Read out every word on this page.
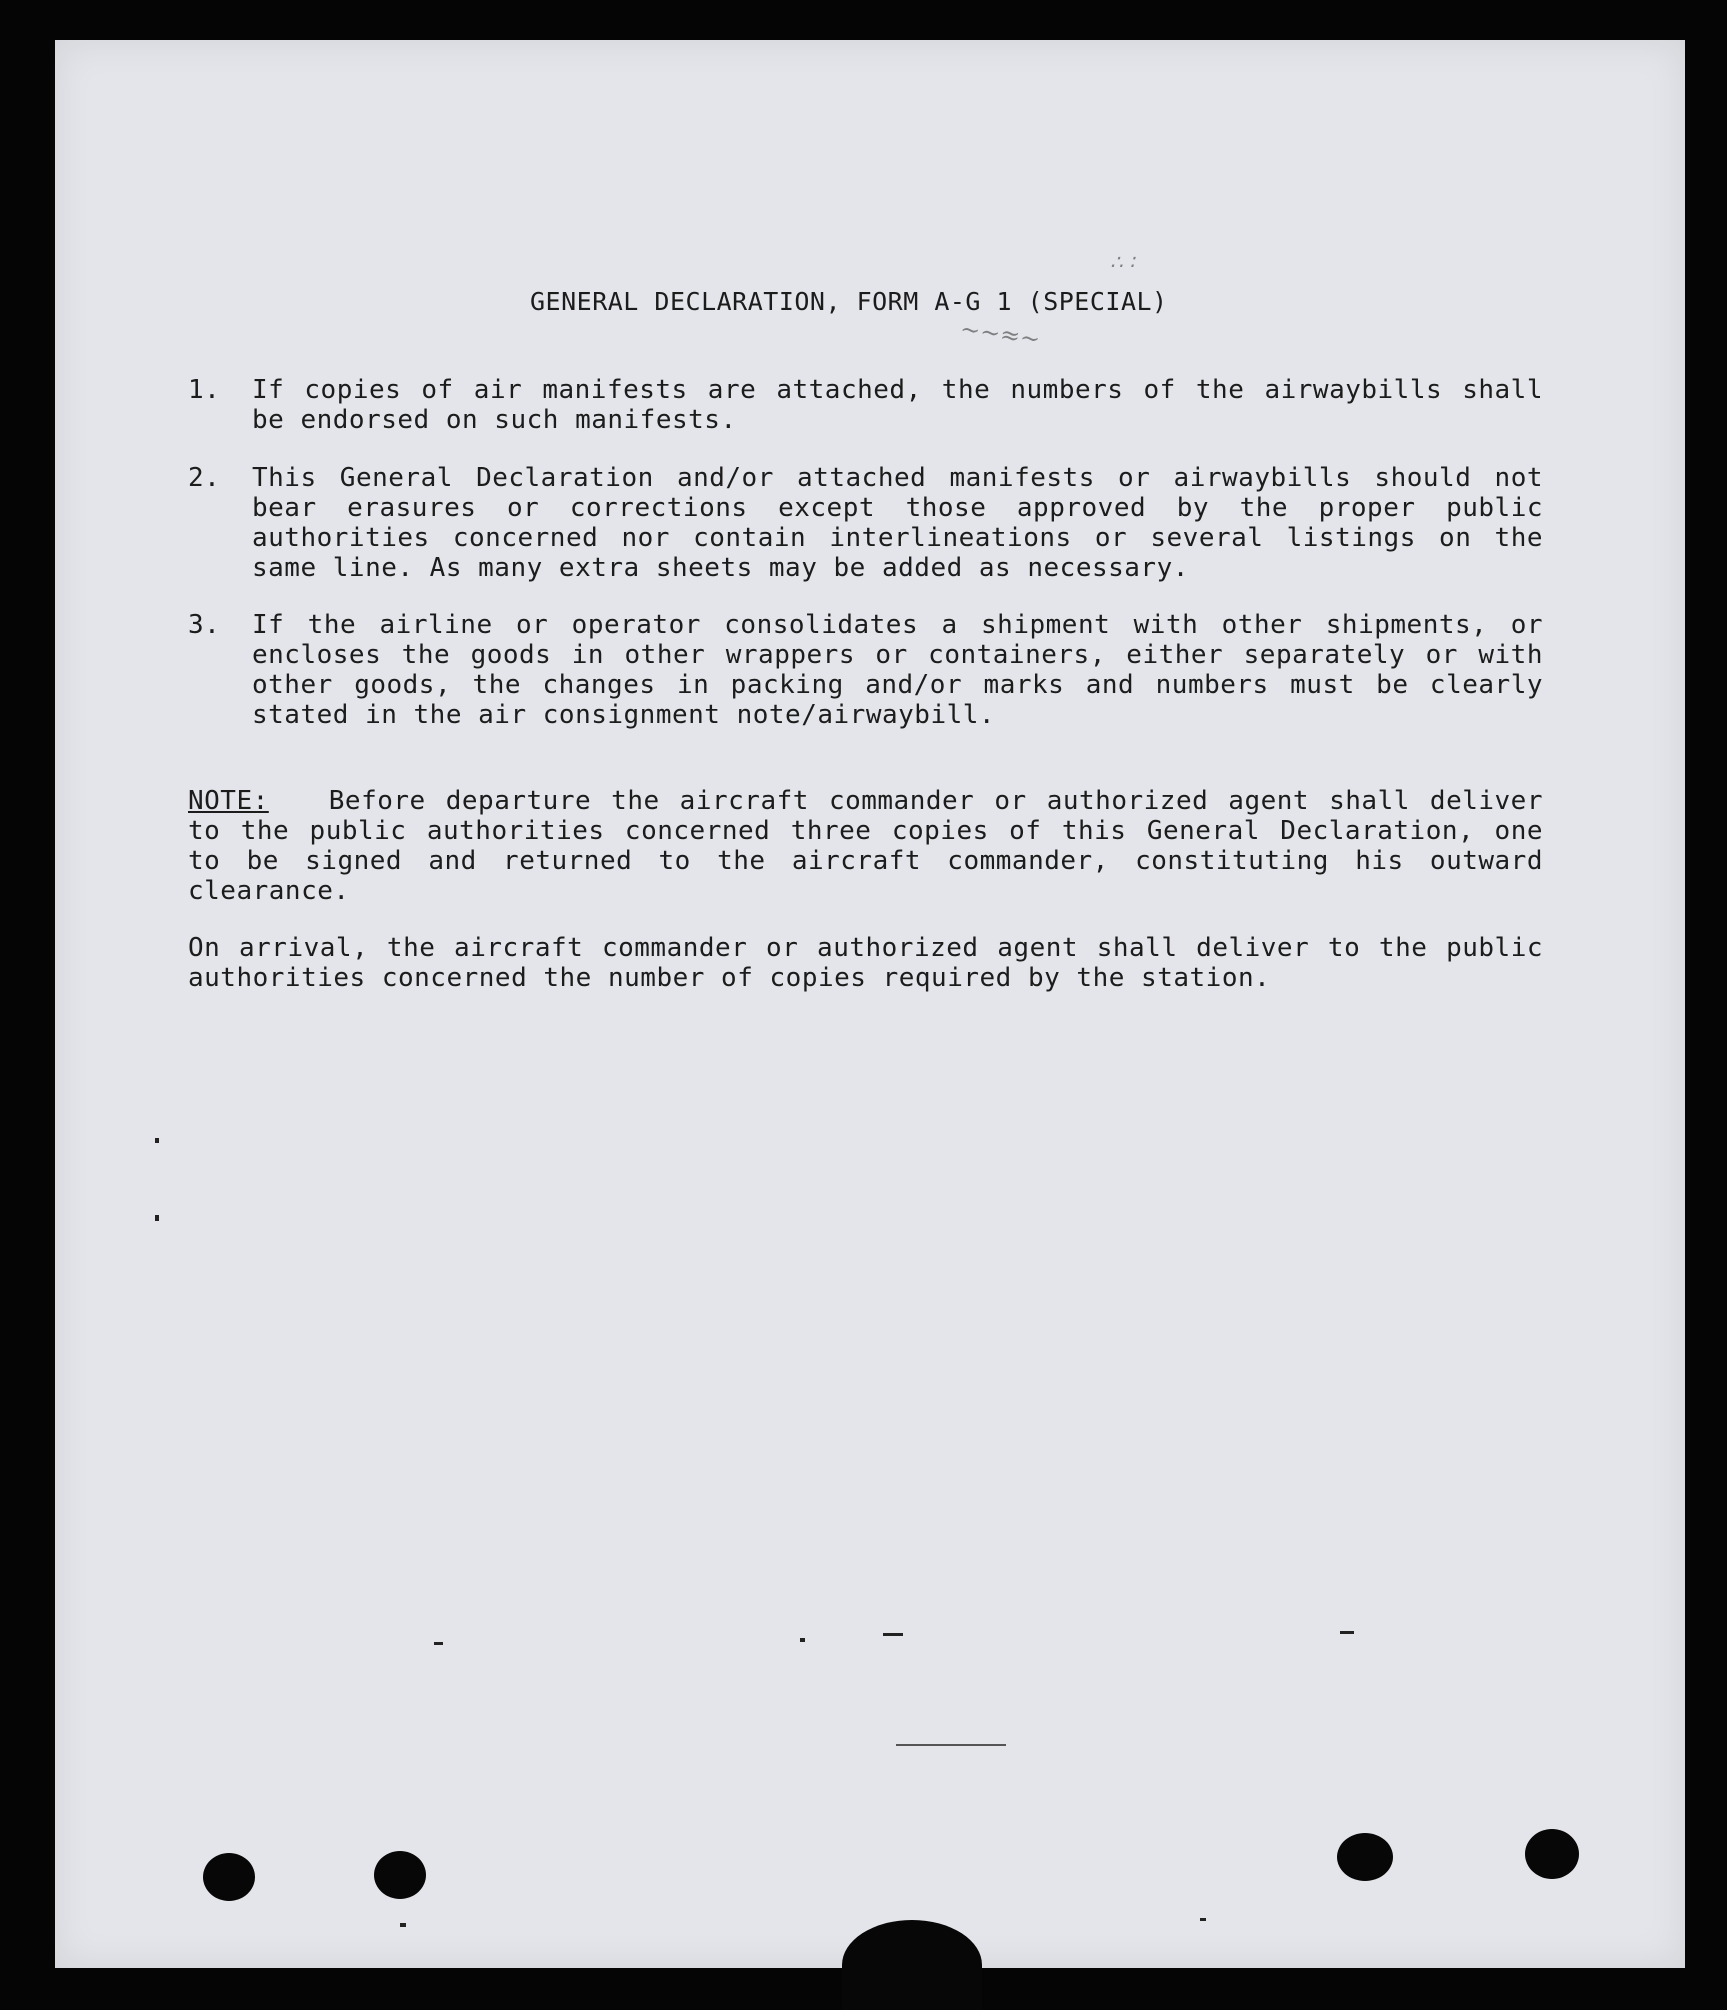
∼∼≈∼
∴ ∶
GENERAL DECLARATION, FORM A-G 1 (SPECIAL)
1.	If copies of air manifests are attached, the numbers of the airwaybills shall be endorsed on such manifests.
2.	This General Declaration and/or attached manifests or airwaybills should not bear erasures or corrections except those approved by the proper public authorities concerned nor contain interlineations or several listings on the same line. As many extra sheets may be added as necessary.
3.	If the airline or operator consolidates a shipment with other shipments, or encloses the goods in other wrappers or containers, either separately or with other goods, the changes in packing and/or marks and numbers must be clearly stated in the air consignment note/airwaybill.
NOTE: Before departure the aircraft commander or authorized agent shall deliver to the public authorities concerned three copies of this General Declaration, one to be signed and returned to the aircraft commander, constituting his outward clearance.
On arrival, the aircraft commander or authorized agent shall deliver to the public authorities concerned the number of copies required by the station.
